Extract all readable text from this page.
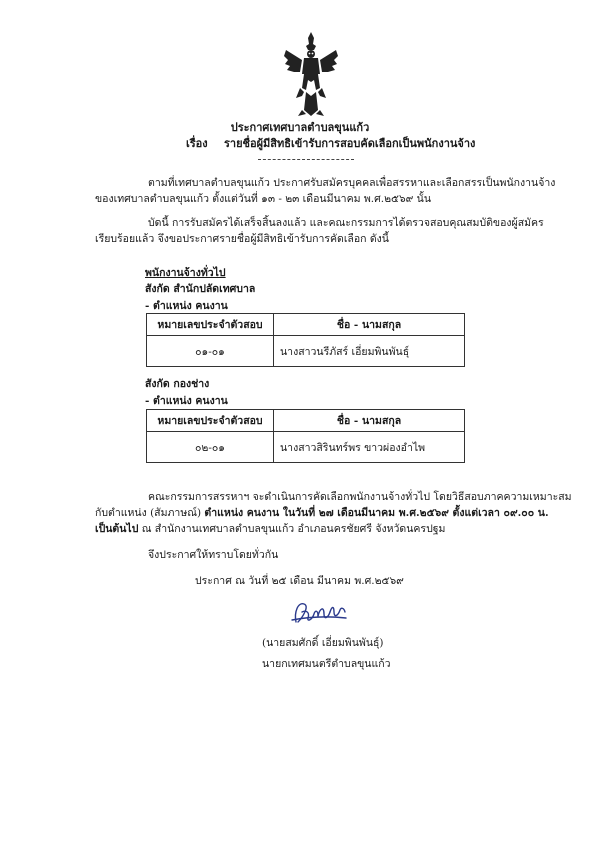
ประกาศเทศบาลตำบลขุนแก้ว
เรื่อง รายชื่อผู้มีสิทธิเข้ารับการสอบคัดเลือกเป็นพนักงานจ้าง
ตามที่เทศบาลตำบลขุนแก้ว ประกาศรับสมัครบุคคลเพื่อสรรหาและเลือกสรรเป็นพนักงานจ้าง
ของเทศบาลตำบลขุนแก้ว ตั้งแต่วันที่ ๑๓ - ๒๓ เดือนมีนาคม พ.ศ.๒๕๖๙ นั้น
บัดนี้ การรับสมัครได้เสร็จสิ้นลงแล้ว และคณะกรรมการได้ตรวจสอบคุณสมบัติของผู้สมัคร
เรียบร้อยแล้ว จึงขอประกาศรายชื่อผู้มีสิทธิเข้ารับการคัดเลือก ดังนี้
พนักงานจ้างทั่วไป
สังกัด สำนักปลัดเทศบาล
- ตำแหน่ง คนงาน
หมายเลขประจำตัวสอบ	ชื่อ - นามสกุล
๐๑-๐๑	นางสาวนรีภัสร์ เอี่ยมพินพันธุ์
สังกัด กองช่าง
- ตำแหน่ง คนงาน
หมายเลขประจำตัวสอบ	ชื่อ - นามสกุล
๐๒-๐๑	นางสาวสิรินทร์พร ขาวผ่องอำไพ
คณะกรรมการสรรหาฯ จะดำเนินการคัดเลือกพนักงานจ้างทั่วไป โดยวิธีสอบภาคความเหมาะสม
กับตำแหน่ง (สัมภาษณ์) ตำแหน่ง คนงาน ในวันที่ ๒๗ เดือนมีนาคม พ.ศ.๒๕๖๙ ตั้งแต่เวลา ๐๙.๐๐ น.
เป็นต้นไป ณ สำนักงานเทศบาลตำบลขุนแก้ว อำเภอนครชัยศรี จังหวัดนครปฐม
จึงประกาศให้ทราบโดยทั่วกัน
ประกาศ ณ วันที่ ๒๕ เดือน มีนาคม พ.ศ.๒๕๖๙
(นายสมศักดิ์ เอี่ยมพินพันธุ์)
นายกเทศมนตรีตำบลขุนแก้ว
